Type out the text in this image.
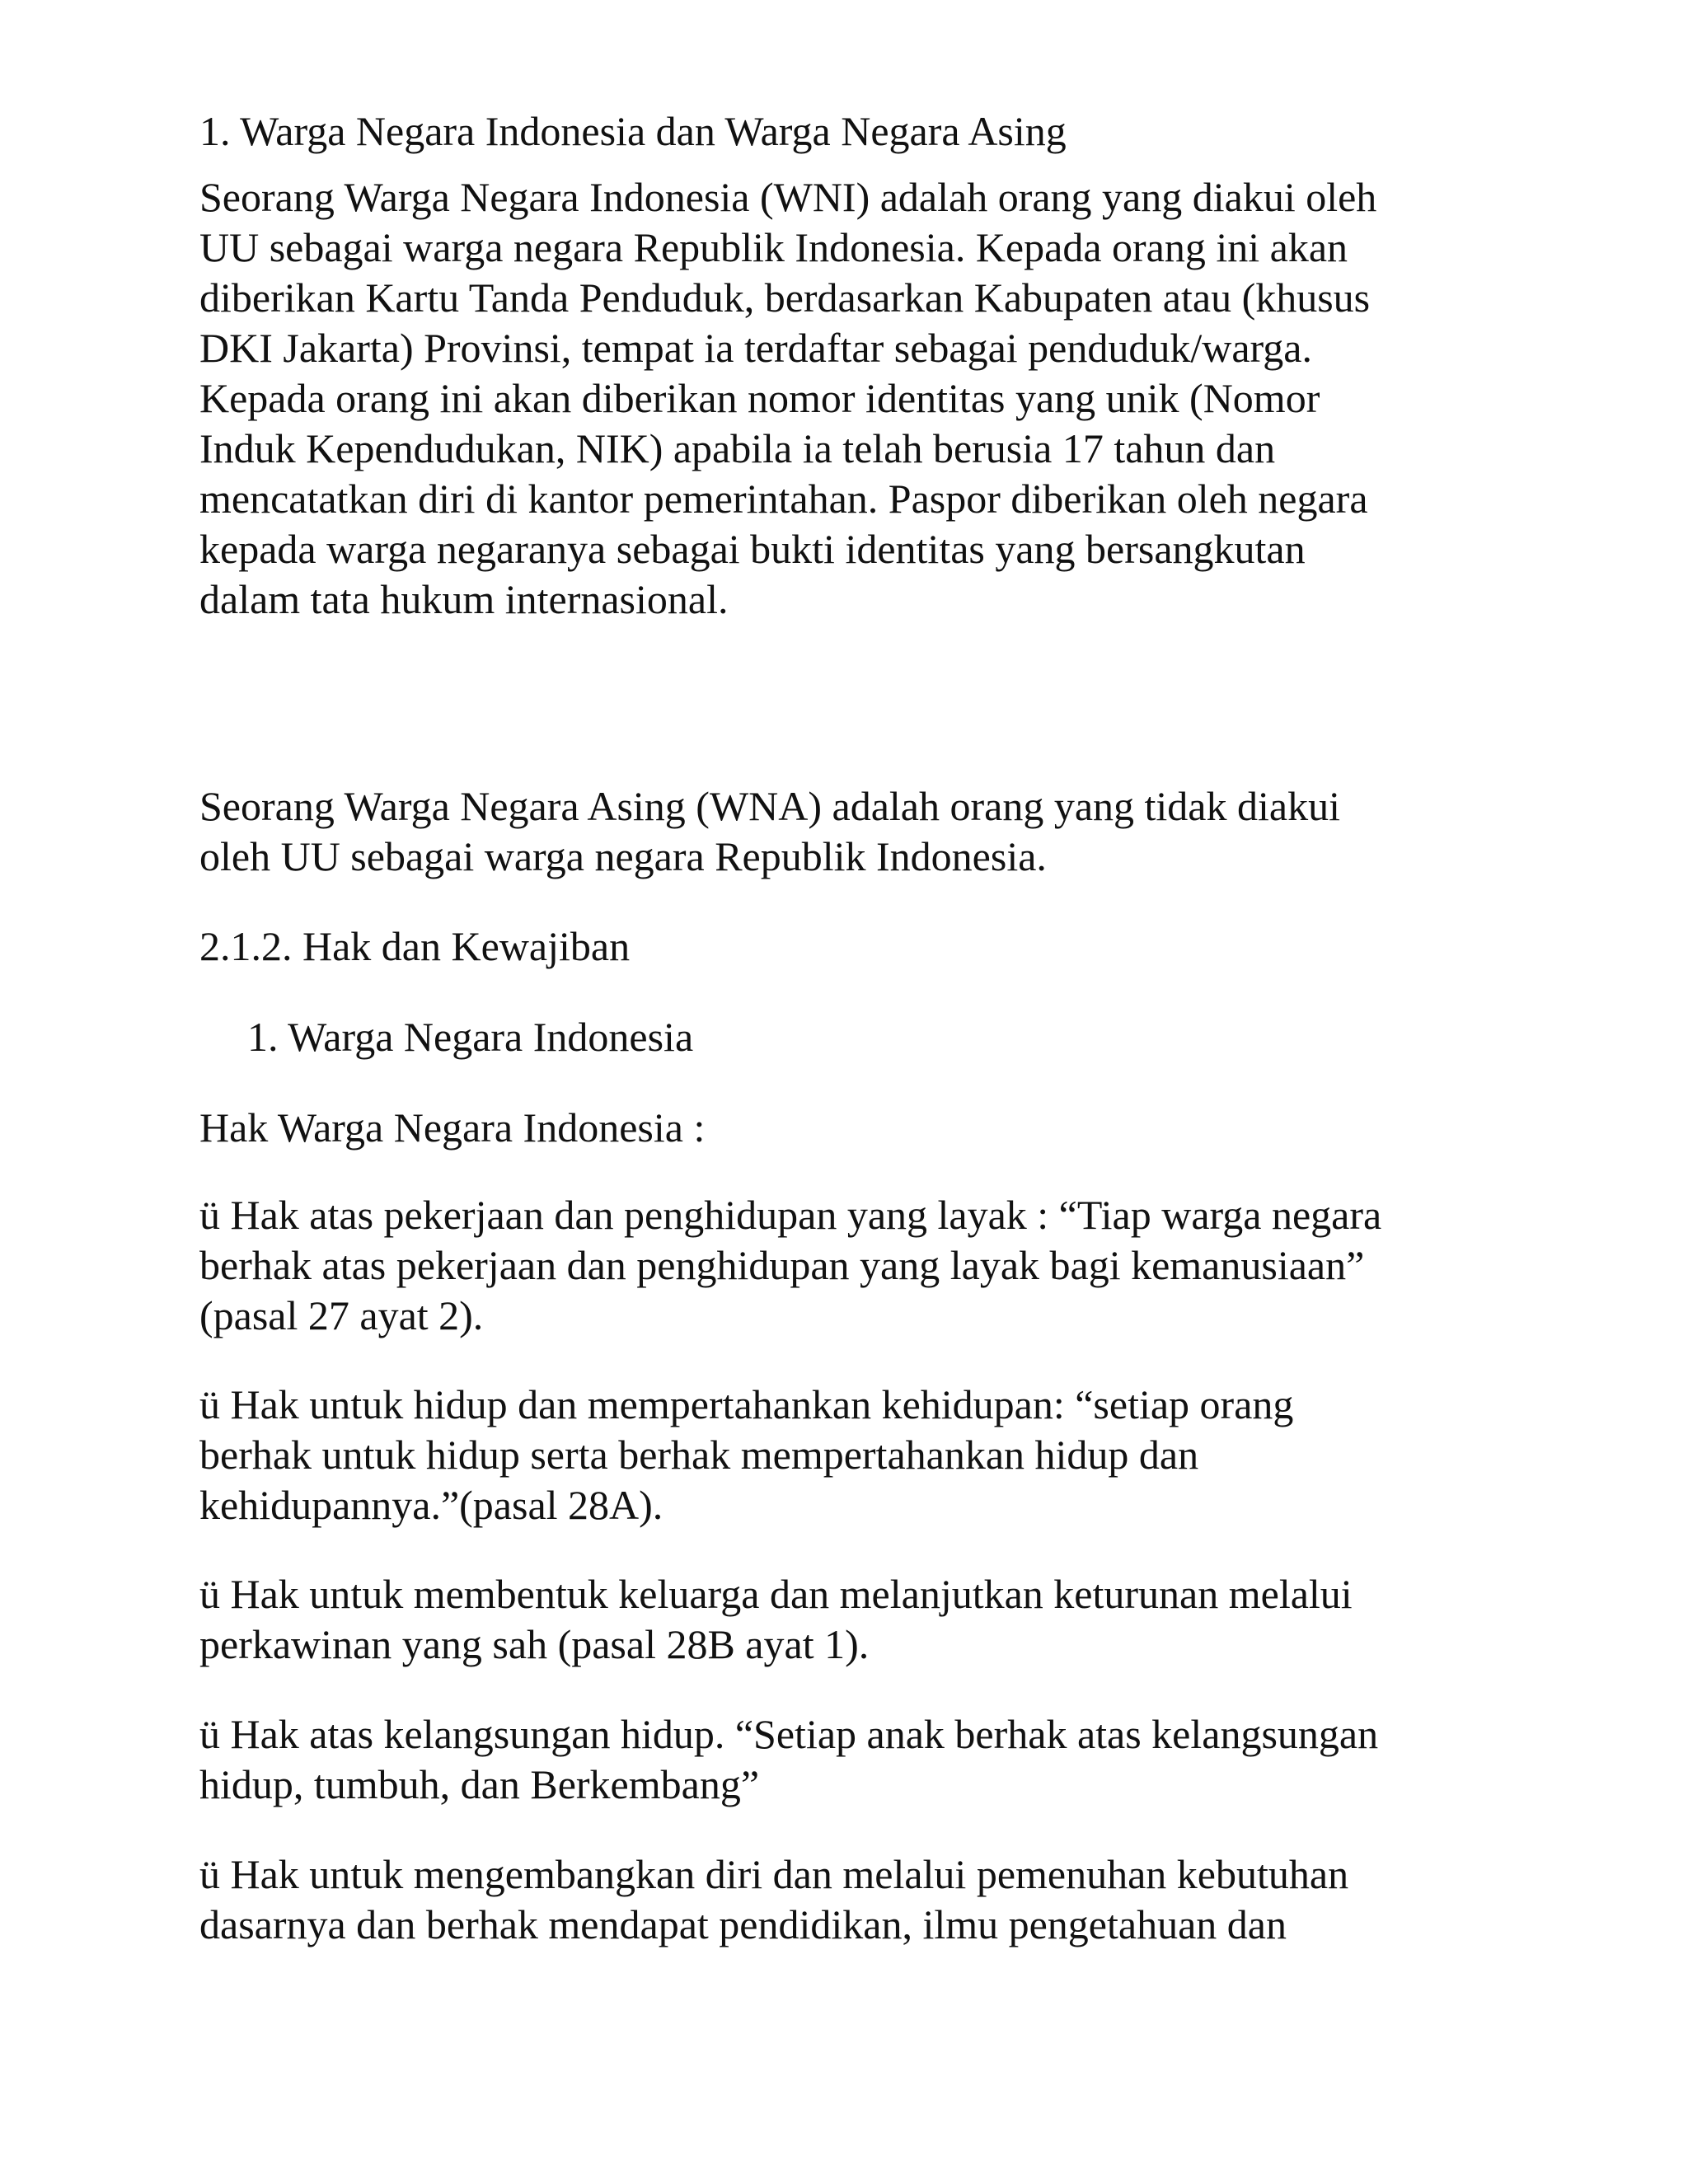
1. Warga Negara Indonesia dan Warga Negara Asing
Seorang Warga Negara Indonesia (WNI) adalah orang yang diakui oleh
UU sebagai warga negara Republik Indonesia. Kepada orang ini akan
diberikan Kartu Tanda Penduduk, berdasarkan Kabupaten atau (khusus
DKI Jakarta) Provinsi, tempat ia terdaftar sebagai penduduk/warga.
Kepada orang ini akan diberikan nomor identitas yang unik (Nomor
Induk Kependudukan, NIK) apabila ia telah berusia 17 tahun dan
mencatatkan diri di kantor pemerintahan. Paspor diberikan oleh negara
kepada warga negaranya sebagai bukti identitas yang bersangkutan
dalam tata hukum internasional.
Seorang Warga Negara Asing (WNA) adalah orang yang tidak diakui
oleh UU sebagai warga negara Republik Indonesia.
2.1.2. Hak dan Kewajiban
1. Warga Negara Indonesia
Hak Warga Negara Indonesia :
ü Hak atas pekerjaan dan penghidupan yang layak : “Tiap warga negara
berhak atas pekerjaan dan penghidupan yang layak bagi kemanusiaan”
(pasal 27 ayat 2).
ü Hak untuk hidup dan mempertahankan kehidupan: “setiap orang
berhak untuk hidup serta berhak mempertahankan hidup dan
kehidupannya.”(pasal 28A).
ü Hak untuk membentuk keluarga dan melanjutkan keturunan melalui
perkawinan yang sah (pasal 28B ayat 1).
ü Hak atas kelangsungan hidup. “Setiap anak berhak atas kelangsungan
hidup, tumbuh, dan Berkembang”
ü Hak untuk mengembangkan diri dan melalui pemenuhan kebutuhan
dasarnya dan berhak mendapat pendidikan, ilmu pengetahuan dan
